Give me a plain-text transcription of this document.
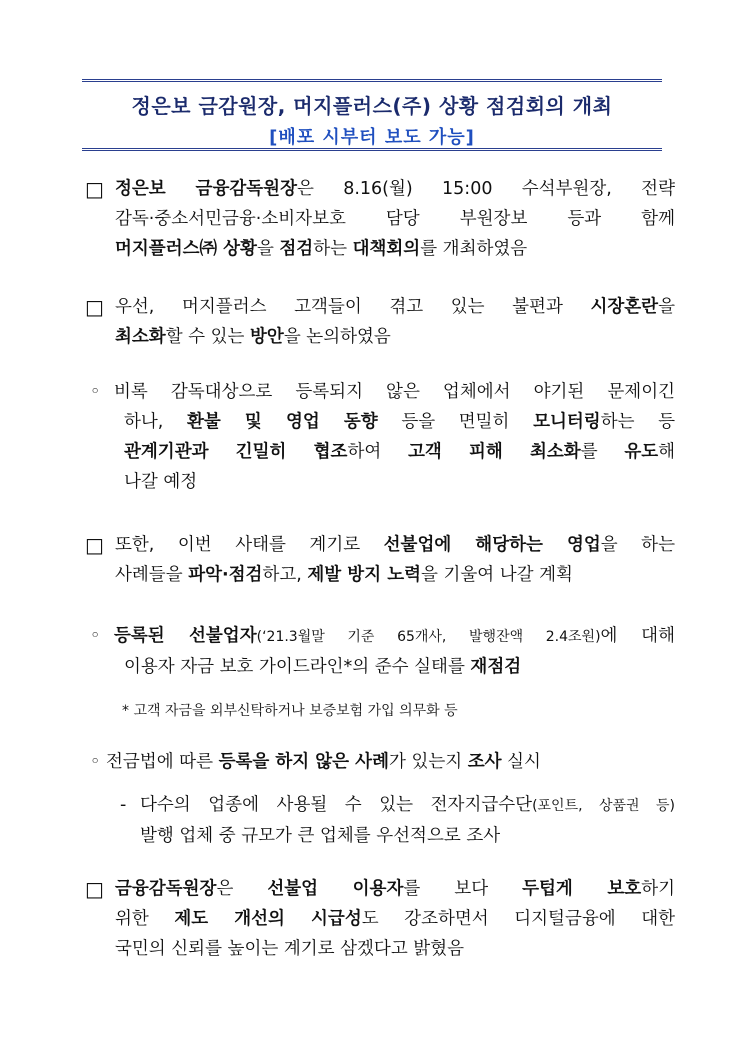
정은보 금감원장, 머지플러스(주) 상황 점검회의 개최
[배포 시부터 보도 가능]
□ 정은보 금융감독원장은 8.16(월) 15:00 수석부원장, 전략
감독·중소서민금융·소비자보호 담당 부원장보 등과 함께
머지플러스㈜ 상황을 점검하는 대책회의를 개최하였음
□ 우선, 머지플러스 고객들이 겪고 있는 불편과 시장혼란을
최소화할 수 있는 방안을 논의하였음
◦ 비록 감독대상으로 등록되지 않은 업체에서 야기된 문제이긴
하나, 환불 및 영업 동향 등을 면밀히 모니터링하는 등
관계기관과 긴밀히 협조하여 고객 피해 최소화를 유도해
나갈 예정
□ 또한, 이번 사태를 계기로 선불업에 해당하는 영업을 하는
사례들을 파악·점검하고, 제발 방지 노력을 기울여 나갈 계획
◦ 등록된 선불업자(‘21.3월말 기준 65개사, 발행잔액 2.4조원)에 대해
이용자 자금 보호 가이드라인*의 준수 실태를 재점검
* 고객 자금을 외부신탁하거나 보증보험 가입 의무화 등
◦ 전금법에 따른 등록을 하지 않은 사례가 있는지 조사 실시
- 다수의 업종에 사용될 수 있는 전자지급수단(포인트, 상품권 등)
발행 업체 중 규모가 큰 업체를 우선적으로 조사
□ 금융감독원장은 선불업 이용자를 보다 두텁게 보호하기
위한 제도 개선의 시급성도 강조하면서 디지털금융에 대한
국민의 신뢰를 높이는 계기로 삼겠다고 밝혔음
